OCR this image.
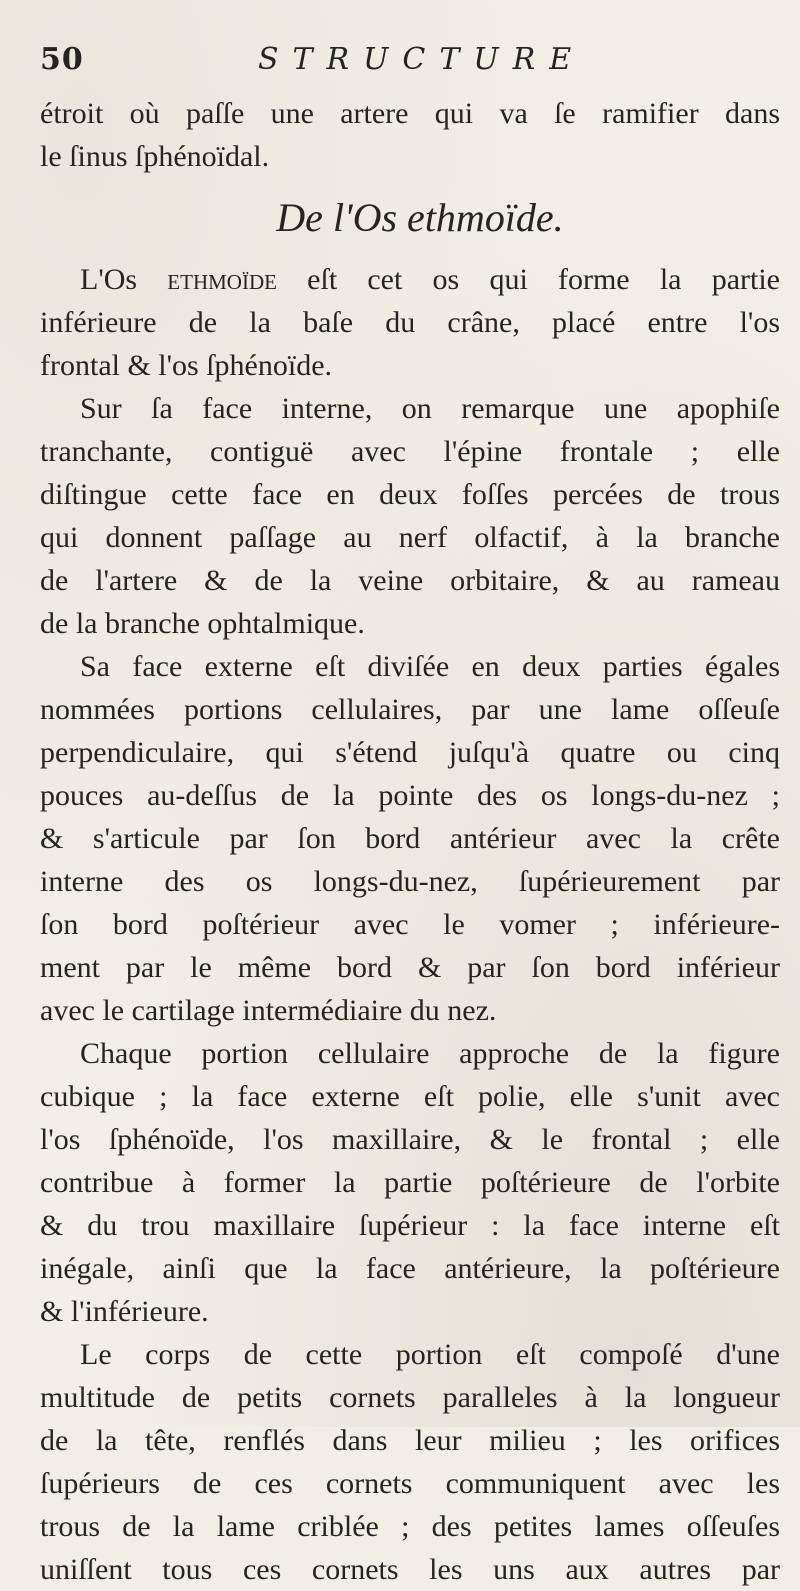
50	STRUCTURE
étroit où paſſe une artere qui va ſe ramifier dans
le ſinus ſphénoïdal.
De l'Os ethmoïde.
L'Os ethmoïde eſt cet os qui forme la partie
inférieure de la baſe du crâne, placé entre l'os
frontal & l'os ſphénoïde.
Sur ſa face interne, on remarque une apophiſe
tranchante, contiguë avec l'épine frontale ; elle
diſtingue cette face en deux foſſes percées de trous
qui donnent paſſage au nerf olfactif, à la branche
de l'artere & de la veine orbitaire, & au rameau
de la branche ophtalmique.
Sa face externe eſt diviſée en deux parties égales
nommées portions cellulaires, par une lame oſſeuſe
perpendiculaire, qui s'étend juſqu'à quatre ou cinq
pouces au-deſſus de la pointe des os longs-du-nez ;
& s'articule par ſon bord antérieur avec la crête
interne des os longs-du-nez, ſupérieurement par
ſon bord poſtérieur avec le vomer ; inférieure-
ment par le même bord & par ſon bord inférieur
avec le cartilage intermédiaire du nez.
Chaque portion cellulaire approche de la figure
cubique ; la face externe eſt polie, elle s'unit avec
l'os ſphénoïde, l'os maxillaire, & le frontal ; elle
contribue à former la partie poſtérieure de l'orbite
& du trou maxillaire ſupérieur : la face interne eſt
inégale, ainſi que la face antérieure, la poſtérieure
& l'inférieure.
Le corps de cette portion eſt compoſé d'une
multitude de petits cornets paralleles à la longueur
de la tête, renflés dans leur milieu ; les orifices
ſupérieurs de ces cornets communiquent avec les
trous de la lame criblée ; des petites lames oſſeuſes
uniſſent tous ces cornets les uns aux autres par
